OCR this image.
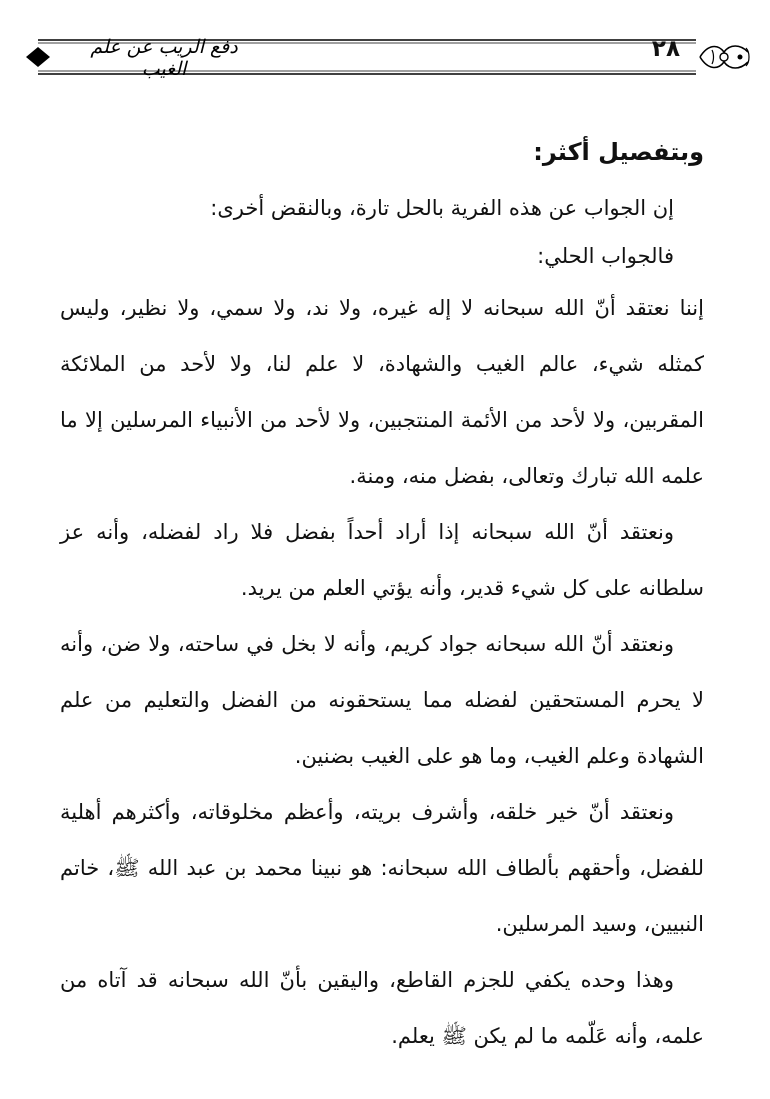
دفع الريب عن علم الغيب
٢٨
وبتفصيل أكثر:

إن الجواب عن هذه الفرية بالحل تارة، وبالنقض أخرى:

فالجواب الحلي:

إننا نعتقد أنّ الله سبحانه لا إله غيره، ولا ند، ولا سمي، ولا نظير، وليس كمثله شيء، عالم الغيب والشهادة، لا علم لنا، ولا لأحد من الملائكة المقربين، ولا لأحد من الأئمة المنتجبين، ولا لأحد من الأنبياء المرسلين إلا ما علمه الله تبارك وتعالى، بفضل منه، ومنة.

ونعتقد أنّ الله سبحانه إذا أراد أحداً بفضل فلا راد لفضله، وأنه عز سلطانه على كل شيء قدير، وأنه يؤتي العلم من يريد.

ونعتقد أنّ الله سبحانه جواد كريم، وأنه لا بخل في ساحته، ولا ضن، وأنه لا يحرم المستحقين لفضله مما يستحقونه من الفضل والتعليم من علم الشهادة وعلم الغيب، وما هو على الغيب بضنين.

ونعتقد أنّ خير خلقه، وأشرف بريته، وأعظم مخلوقاته، وأكثرهم أهلية للفضل، وأحقهم بألطاف الله سبحانه: هو نبينا محمد بن عبد الله ﷺ، خاتم النبيين، وسيد المرسلين.

وهذا وحده يكفي للجزم القاطع، واليقين بأنّ الله سبحانه قد آتاه من علمه، وأنه عَلّمه ما لم يكن ﷺ يعلم.
